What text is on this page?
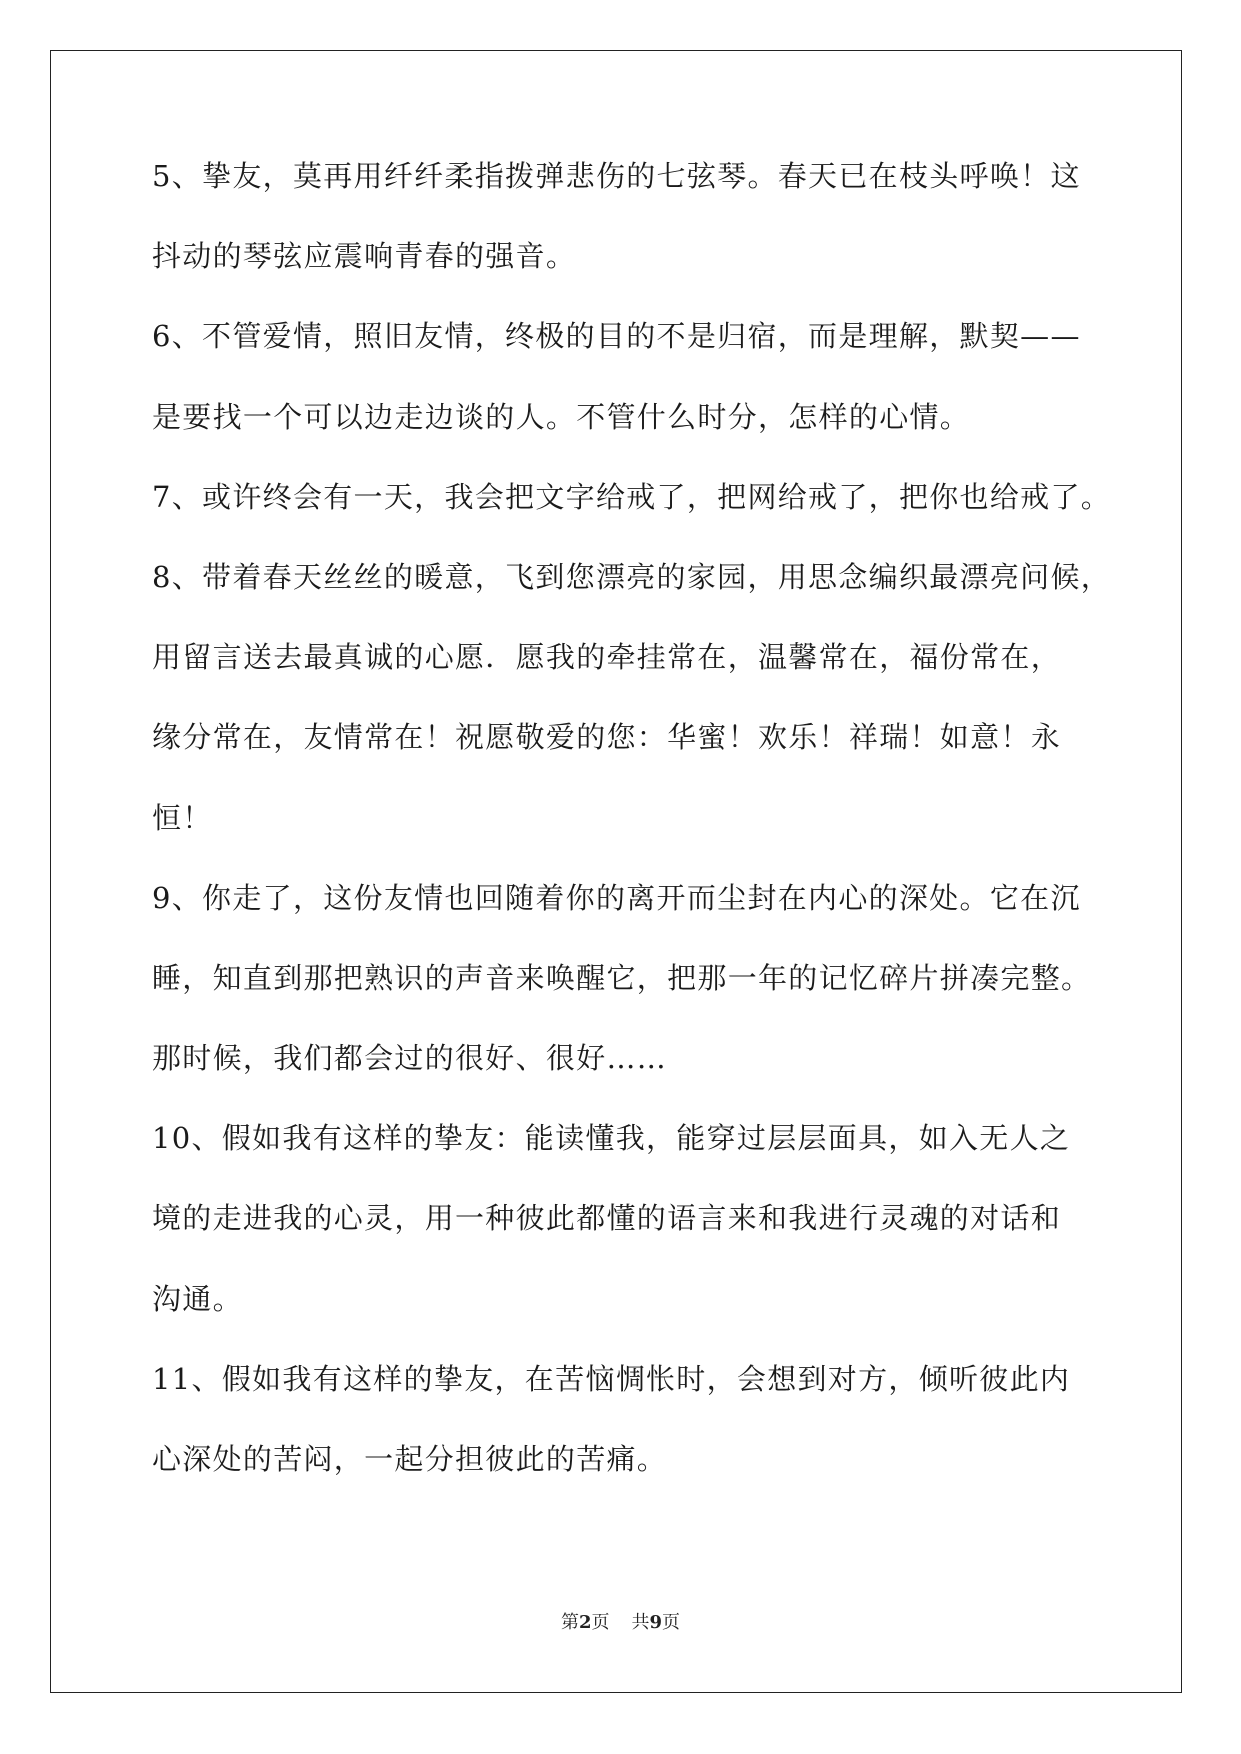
5、挚友，莫再用纤纤柔指拨弹悲伤的七弦琴。春天已在枝头呼唤！这
抖动的琴弦应震响青春的强音。
6、不管爱情，照旧友情，终极的目的不是归宿，而是理解，默契——
是要找一个可以边走边谈的人。不管什么时分，怎样的心情。
7、或许终会有一天，我会把文字给戒了，把网给戒了，把你也给戒了。
8、带着春天丝丝的暖意，飞到您漂亮的家园，用思念编织最漂亮问候，
用留言送去最真诚的心愿．愿我的牵挂常在，温馨常在，福份常在，
缘分常在，友情常在！祝愿敬爱的您：华蜜！欢乐！祥瑞！如意！永
恒！
9、你走了，这份友情也回随着你的离开而尘封在内心的深处。它在沉
睡，知直到那把熟识的声音来唤醒它，把那一年的记忆碎片拼凑完整。
那时候，我们都会过的很好、很好……
10、假如我有这样的挚友：能读懂我，能穿过层层面具，如入无人之
境的走进我的心灵，用一种彼此都懂的语言来和我进行灵魂的对话和
沟通。
11、假如我有这样的挚友，在苦恼惆怅时，会想到对方，倾听彼此内
心深处的苦闷，一起分担彼此的苦痛。
第2页 共9页
